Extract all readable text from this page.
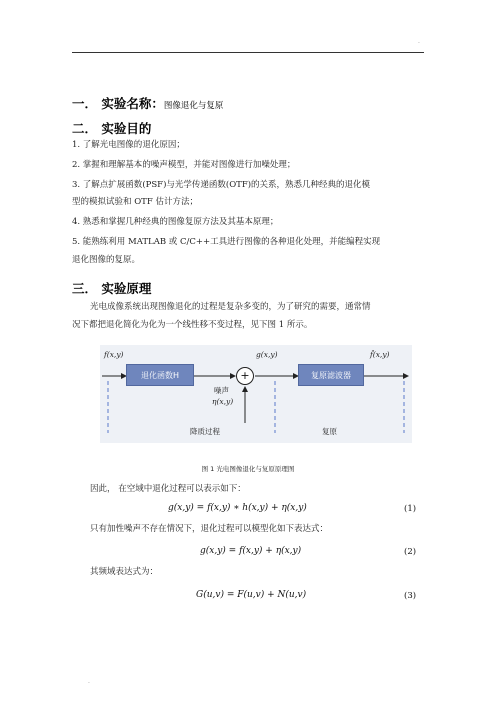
.
一． 实验名称：图像退化与复原
二． 实验目的
1. 了解光电图像的退化原因；
2. 掌握和理解基本的噪声模型，并能对图像进行加噪处理；
3. 了解点扩展函数(PSF)与光学传递函数(OTF)的关系，熟悉几种经典的退化模
型的模拟试验和 OTF 估计方法；
4. 熟悉和掌握几种经典的图像复原方法及其基本原理；
5. 能熟练利用 MATLAB 或 C/C++工具进行图像的各种退化处理，并能编程实现
退化图像的复原。
三． 实验原理
光电成像系统出现图像退化的过程是复杂多变的，为了研究的需要，通常情
况下都把退化简化为化为一个线性移不变过程，见下图 1 所示。
f(x,y)
退化函数H	+
g(x,y)
复原滤波器
f̂(x,y)
噪声
η(x,y)
降质过程	复原
图 1 光电图像退化与复原原理图
因此， 在空域中退化过程可以表示如下：
g(x,y) = f(x,y) ∗ h(x,y) + η(x,y)	(1)
只有加性噪声不存在情况下，退化过程可以模型化如下表达式：
g(x,y) = f(x,y) + η(x,y)	(2)
其频域表达式为：
G(u,v) = F(u,v) + N(u,v)	(3)
.
